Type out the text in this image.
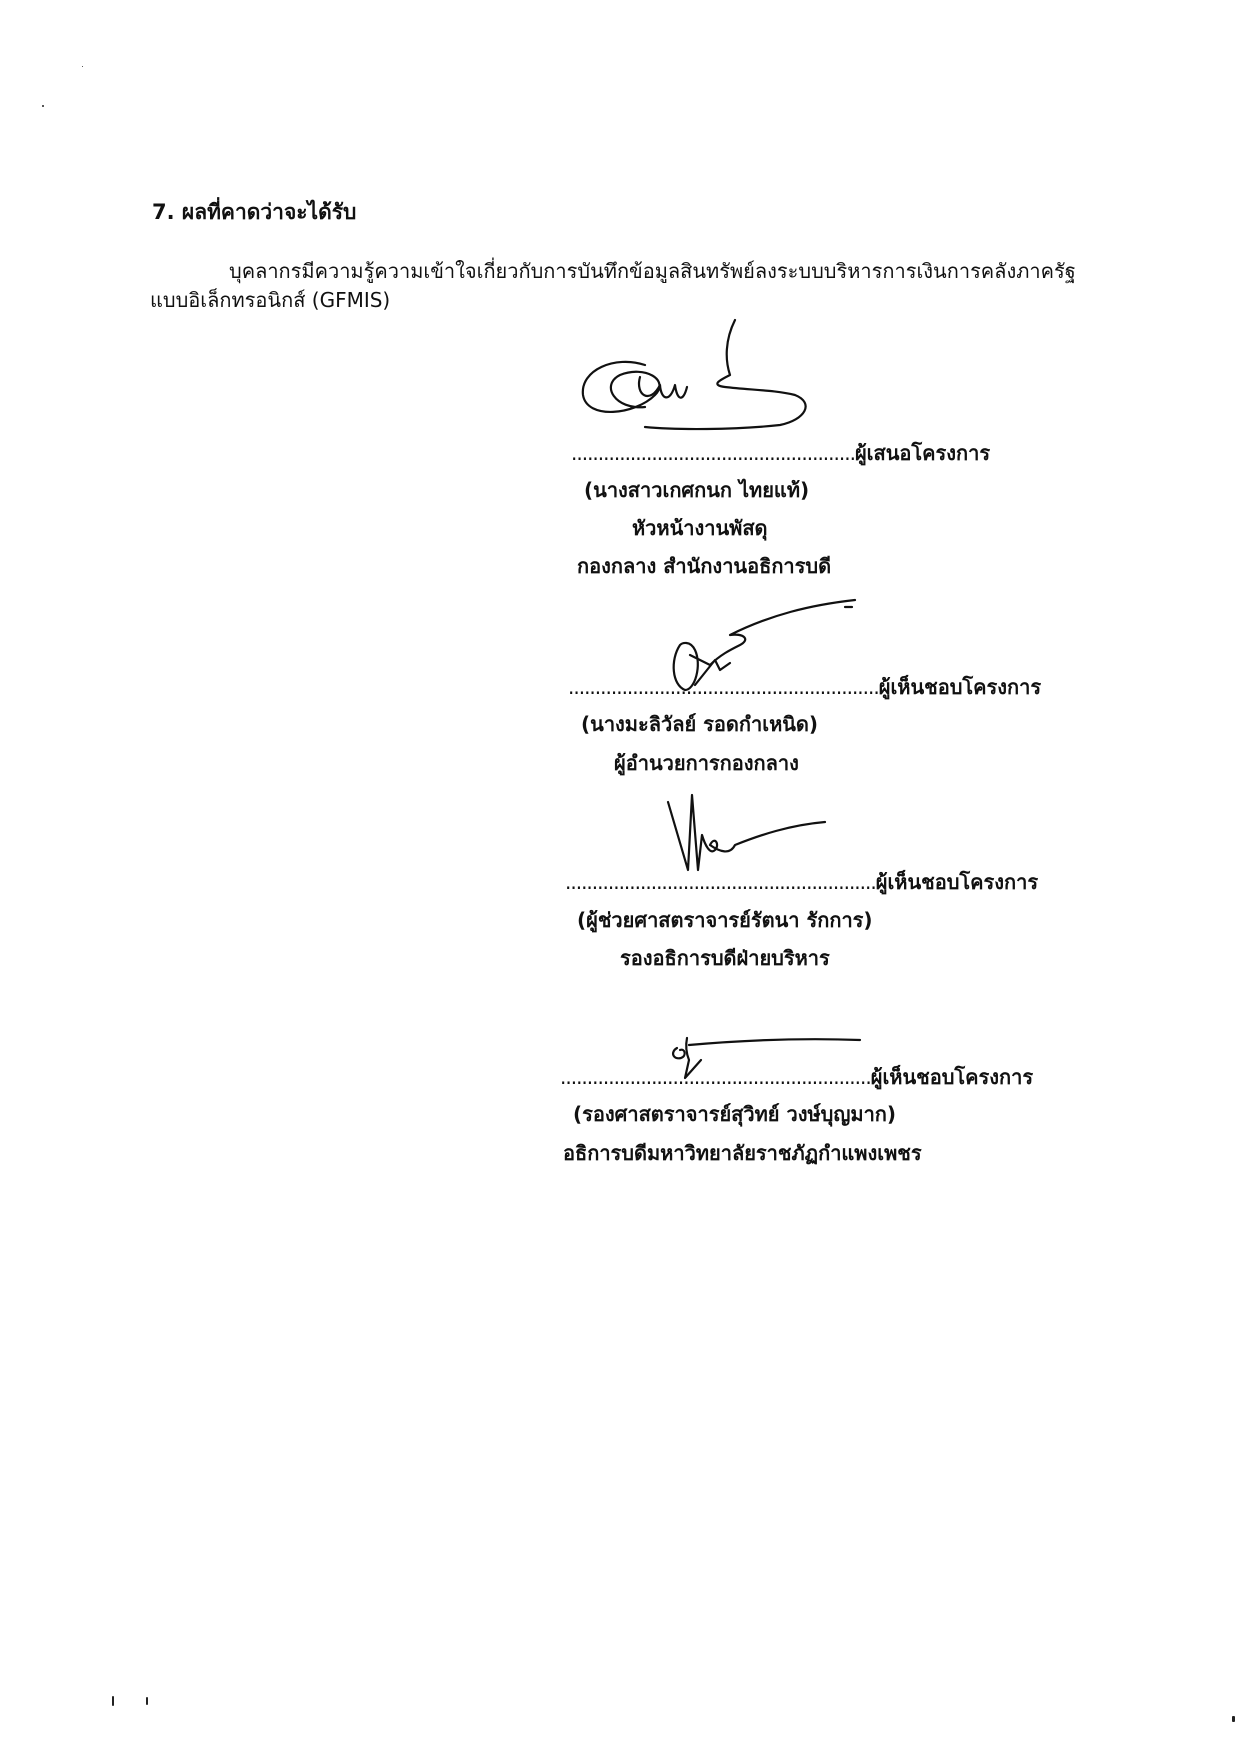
7. ผลที่คาดว่าจะได้รับ
บุคลากรมีความรู้ความเข้าใจเกี่ยวกับการบันทึกข้อมูลสินทรัพย์ลงระบบบริหารการเงินการคลังภาครัฐ
แบบอิเล็กทรอนิกส์ (GFMIS)
.....................................................ผู้เสนอโครงการ
(นางสาวเกศกนก ไทยแท้)
หัวหน้างานพัสดุ
กองกลาง สำนักงานอธิการบดี
..........................................................ผู้เห็นชอบโครงการ
(นางมะลิวัลย์ รอดกำเหนิด)
ผู้อำนวยการกองกลาง
..........................................................ผู้เห็นชอบโครงการ
(ผู้ช่วยศาสตราจารย์รัตนา รักการ)
รองอธิการบดีฝ่ายบริหาร
..........................................................ผู้เห็นชอบโครงการ
(รองศาสตราจารย์สุวิทย์ วงษ์บุญมาก)
อธิการบดีมหาวิทยาลัยราชภัฏกำแพงเพชร
